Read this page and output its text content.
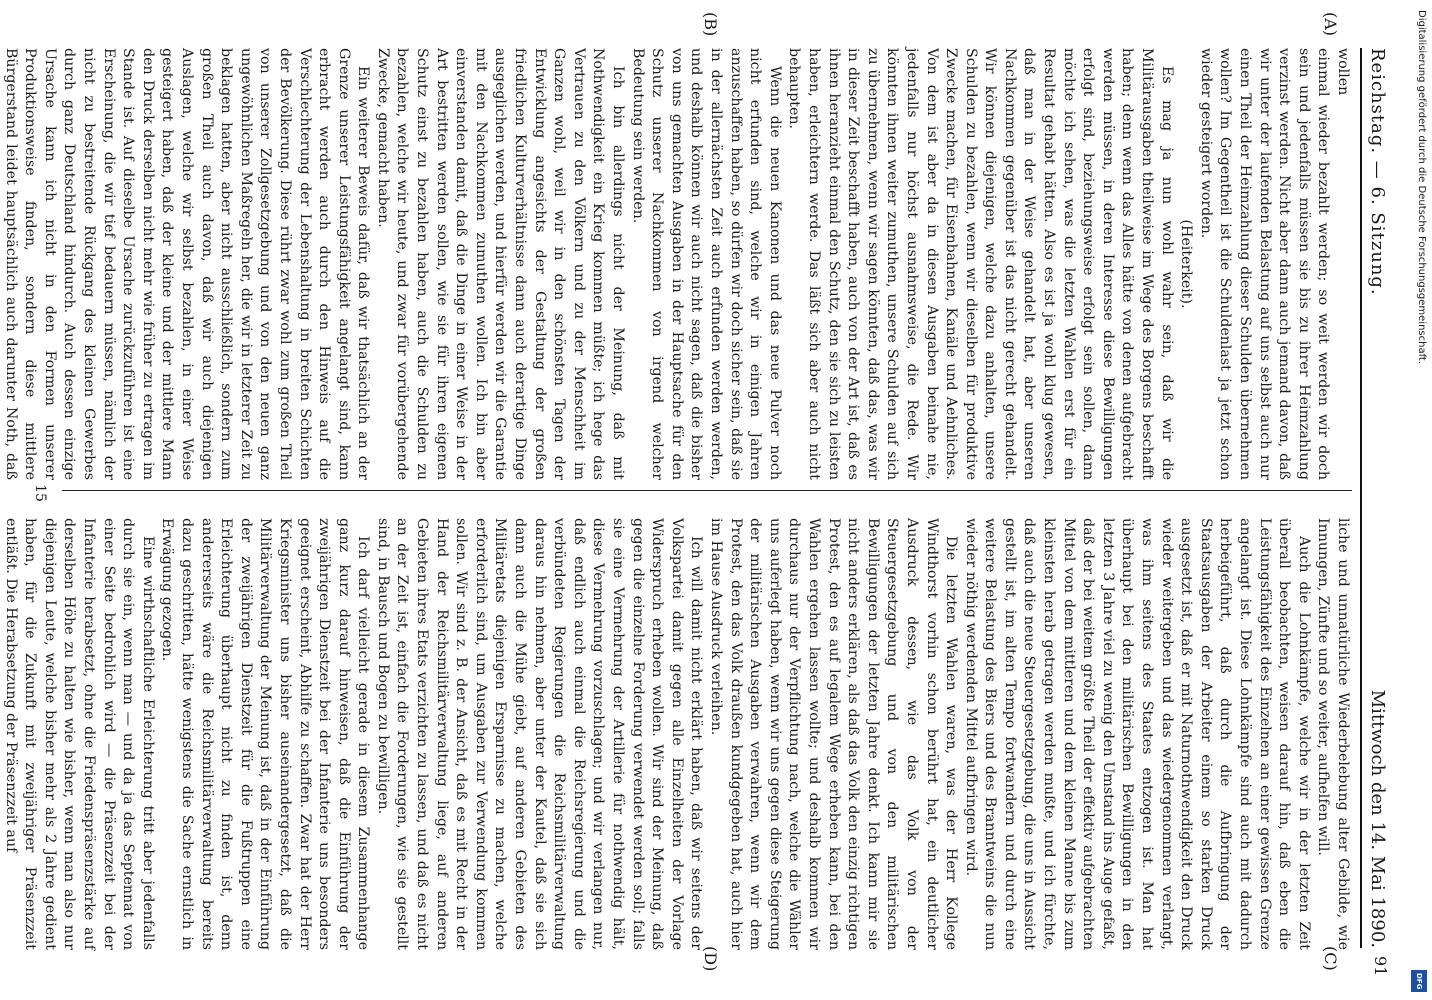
Reichstag. — 6. Sitzung.
Mittwoch den 14. Mai 1890.
91
(A)
(B)
(C)
(D)

wollen

einmal wieder bezahlt werden; so weit werden wir doch sein und jedenfalls müssen sie bis zu ihrer Heimzahlung verzinst werden. Nicht aber dann auch jemand davon, daß wir unter der laufenden Belastung auf uns selbst auch nur einen Theil der Heimzahlung dieser Schulden übernehmen wollen? Im Gegentheil ist die Schuldenlast ja jetzt schon wieder gesteigert worden.

(Heiterkeit).

Es mag ja nun wohl wahr sein, daß wir die Militärausgaben theilweise im Wege des Borgens beschafft haben; denn wenn das Alles hätte von denen aufgebracht werden müssen, in deren Interesse diese Bewilligungen erfolgt sind, beziehungsweise erfolgt sein sollen, dann möchte ich sehen, was die letzten Wahlen erst für ein Resultat gehabt hätten. Also es ist ja wohl klug gewesen, daß man in der Weise gehandelt hat, aber unseren Nachkommen gegenüber ist das nicht gerecht gehandelt. Wir können diejenigen, welche dazu anhalten, unsere Schulden zu bezahlen, wenn wir dieselben für produktive Zwecke machen, für Eisenbahnen, Kanäle und Aehnliches. Von dem ist aber da in diesen Ausgaben beinahe nie, jedenfalls nur höchst ausnahmsweise, die Rede. Wir könnten ihnen weiter zumuthen, unsere Schulden auf sich zu übernehmen, wenn wir sagen könnten, daß das, was wir in dieser Zeit beschafft haben, auch von der Art ist, daß es ihnen heranzieht einmal den Schutz, den sie sich zu leisten haben, erleichtern werde. Das läßt sich aber auch nicht behaupten.

Wenn die neuen Kanonen und das neue Pulver noch nicht erfunden sind, welche wir in einigen Jahren anzuschaffen haben, so dürfen wir doch sicher sein, daß sie in der allernächsten Zeit auch erfunden werden werden, und deshalb können wir auch nicht sagen, daß die bisher von uns gemachten Ausgaben in der Hauptsache für den Schutz unserer Nachkommen von irgend welcher Bedeutung sein werden.

Ich bin allerdings nicht der Meinung, daß mit Nothwendigkeit ein Krieg kommen müßte; ich hege das Vertrauen zu den Völkern und zu der Menschheit im Ganzen wohl, weil wir in den schönsten Tagen der Entwicklung angesichts der Gestaltung der großen friedlichen Kulturverhältnisse dann auch derartige Dinge ausgeglichen werden, und hierfür werden wir die Garantie mit den Nachkommen zumuthen wollen. Ich bin aber einverstanden damit, daß die Dinge in einer Weise in der Art bestritten werden sollen, wie sie für ihren eigenen Schutz einst zu bezahlen haben, auch die Schulden zu bezahlen, welche wir heute, und zwar für vorübergehende Zwecke, gemacht haben.

Ein weiterer Beweis dafür, daß wir thatsächlich an der Grenze unserer Leistungsfähigkeit angelangt sind, kann erbracht werden auch durch den Hinweis auf die Verschlechterung der Lebenshaltung in breiten Schichten der Bevölkerung. Diese rührt zwar wohl zum großen Theil von unserer Zollgesetzgebung und von den neuen ganz ungewöhnlichen Maßregeln her, die wir in letzterer Zeit zu beklagen hatten, aber nicht ausschließlich, sondern zum großen Theil auch davon, daß wir auch diejenigen Auslagen, welche wir selbst bezahlen, in einer Weise gesteigert haben, daß der kleine und der mittlere Mann den Druck derselben nicht mehr wie früher zu ertragen im Stande ist. Auf dieselbe Ursache zurückzuführen ist eine Erscheinung, die wir tief bedauern müssen, nämlich der nicht zu bestreitende Rückgang des kleinen Gewerbes durch ganz Deutschland hindurch. Auch dessen einzige Ursache kann ich nicht in den Formen unserer Produktionsweise finden, sondern diese mittlere Bürgerstand leidet hauptsächlich auch darunter Noth, daß

liche und unnatürliche Wiederbelebung alter Gebilde, wie Innungen, Zünfte und so weiter, aufhelfen will.

Auch die Lohnkämpfe, welche wir in der letzten Zeit überall beobachten, weisen darauf hin, daß eben die Leistungsfähigkeit des Einzelnen an einer gewissen Grenze angelangt ist. Diese Lohnkämpfe sind auch mit dadurch herbeigeführt, daß durch die Aufbringung der Staatsausgaben der Arbeiter einem so starken Druck ausgesetzt ist, daß er mit Naturnothwendigkeit den Druck wieder weitergeben und das wiedergenommen verlangt, was ihm seitens des Staates entzogen ist. Man hat überhaupt bei den militärischen Bewilligungen in den letzten 3 Jahre viel zu wenig den Umstand ins Auge gefaßt, daß der bei weitem größte Theil der effektiv aufgebrachten Mittel von dem mittleren und dem kleinen Manne bis zum kleinsten herab getragen werden mußte, und ich fürchte, daß auch die neue Steuergesetzgebung, die uns in Aussicht gestellt ist, im alten Tempo fortwandern und durch eine weitere Belastung des Biers und des Branntweins die nun wieder nöthig werdenden Mittel aufbringen wird.

Die letzten Wahlen waren, was der Herr Kollege Windthorst vorhin schon berührt hat, ein deutlicher Ausdruck dessen, wie das Volk von der Steuergesetzgebung und von den militärischen Bewilligungen der letzten Jahre denkt. Ich kann mir sie nicht anders erklären, als daß das Volk den einzig richtigen Protest, den es auf legalem Wege erheben kann, bei den Wahlen ergehen lassen wollte; und deshalb kommen wir durchaus nur der Verpflichtung nach, welche die Wähler uns auferlegt haben, wenn wir uns gegen diese Steigerung der militärischen Ausgaben verwahren, wenn wir dem Protest, den das Volk draußen kundgegeben hat, auch hier im Hause Ausdruck verleihen.

Ich will damit nicht erklärt haben, daß wir seitens der Volkspartei damit gegen alle Einzelheiten der Vorlage Widerspruch erheben wollen. Wir sind der Meinung, daß gegen die einzelne Forderung verwendet werden soll; falls sie eine Vermehrung der Artillerie für nothwendig hält, diese Vermehrung vorzuschlagen; und wir verlangen nur, daß endlich auch einmal die Reichsregierung und die verbündeten Regierungen die Reichsmilitärverwaltung daraus hin nehmen, aber unter der Kautel, daß sie sich dann auch die Mühe giebt, auf anderen Gebieten des Militäretats diejenigen Ersparnisse zu machen, welche erforderlich sind, um Ausgaben zur Verwendung kommen sollen. Wir sind z. B. der Ansicht, daß es mit Recht in der Hand der Reichsmilitärverwaltung liege, auf anderen Gebieten ihres Etats verzichten zu lassen, und daß es nicht an der Zeit ist, einfach die Forderungen, wie sie gestellt sind, in Bausch und Bogen zu bewilligen.

Ich darf vielleicht gerade in diesem Zusammenhange ganz kurz darauf hinweisen, daß die Einführung der zweijährigen Dienstzeit bei der Infanterie uns besonders geeignet erscheint, Abhilfe zu schaffen. Zwar hat der Herr Kriegsminister uns bisher auseinandergesetzt, daß die Militärverwaltung der Meinung ist, daß in der Einführung der zweijährigen Dienstzeit für die Fußtruppen eine Erleichterung überhaupt nicht zu finden ist, denn andererseits wäre die Reichsmilitärverwaltung bereits dazu geschritten, hätte wenigstens die Sache ernstlich in Erwägung gezogen.

Eine wirthschaftliche Erleichterung tritt aber jedenfalls durch sie ein, wenn man — und da ja das Septennat von einer Seite bedrohlich wird — die Präsenzzeit bei der Infanterie herabsetzt, ohne die Friedenspräsenzstärke auf derselben Höhe zu halten wie bisher, wenn man also nur diejenigen Leute, welche bisher mehr als 2 Jahre gedient haben, für die Zukunft mit zweijähriger Präsenzzeit entläßt. Die Herabsetzung der Präsenzzeit auf

15
Digitalisierung gefördert durch die Deutsche Forschungsgemeinschaft.
DFG
